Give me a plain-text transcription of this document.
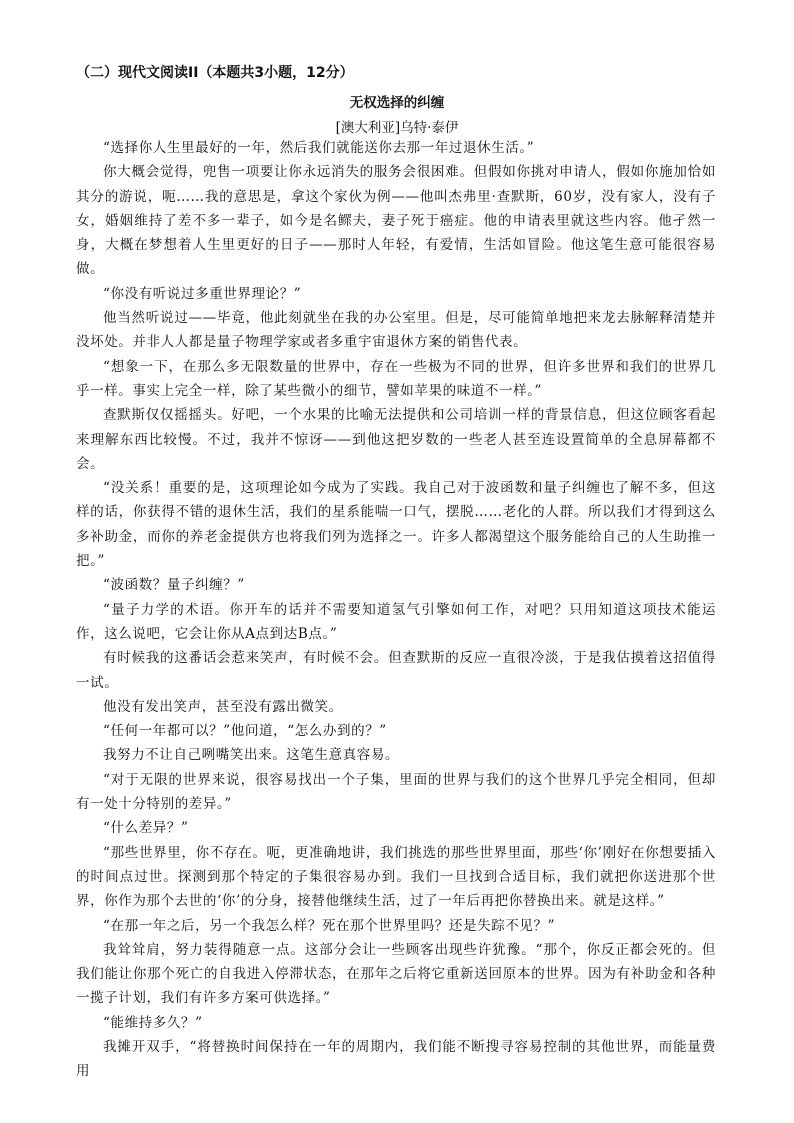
（二）现代文阅读II（本题共3小题，12分）
无权选择的纠缠
[澳大利亚]乌特·泰伊

“选择你人生里最好的一年，然后我们就能送你去那一年过退休生活。”

你大概会觉得，兜售一项要让你永远消失的服务会很困难。但假如你挑对申请人，假如你施加恰如其分的游说，呃……我的意思是，拿这个家伙为例——他叫杰弗里·查默斯，60岁，没有家人，没有子女，婚姻维持了差不多一辈子，如今是名鳏夫，妻子死于癌症。他的申请表里就这些内容。他孑然一身，大概在梦想着人生里更好的日子——那时人年轻，有爱情，生活如冒险。他这笔生意可能很容易做。

“你没有听说过多重世界理论？”

他当然听说过——毕竟，他此刻就坐在我的办公室里。但是，尽可能简单地把来龙去脉解释清楚并没坏处。并非人人都是量子物理学家或者多重宇宙退休方案的销售代表。

“想象一下，在那么多无限数量的世界中，存在一些极为不同的世界，但许多世界和我们的世界几乎一样。事实上完全一样，除了某些微小的细节，譬如苹果的味道不一样。”

查默斯仅仅摇摇头。好吧，一个水果的比喻无法提供和公司培训一样的背景信息，但这位顾客看起来理解东西比较慢。不过，我并不惊讶——到他这把岁数的一些老人甚至连设置简单的全息屏幕都不会。

“没关系！重要的是，这项理论如今成为了实践。我自己对于波函数和量子纠缠也了解不多，但这样的话，你获得不错的退休生活，我们的星系能喘一口气，摆脱……老化的人群。所以我们才得到这么多补助金，而你的养老金提供方也将我们列为选择之一。许多人都渴望这个服务能给自己的人生助推一把。”

“波函数？量子纠缠？”

“量子力学的术语。你开车的话并不需要知道氢气引擎如何工作，对吧？只用知道这项技术能运作，这么说吧，它会让你从A点到达B点。”

有时候我的这番话会惹来笑声，有时候不会。但查默斯的反应一直很冷淡，于是我估摸着这招值得一试。

他没有发出笑声，甚至没有露出微笑。

“任何一年都可以？”他问道，“怎么办到的？”

我努力不让自己咧嘴笑出来。这笔生意真容易。

“对于无限的世界来说，很容易找出一个子集，里面的世界与我们的这个世界几乎完全相同，但却有一处十分特别的差异。”

“什么差异？”

“那些世界里，你不存在。呃，更准确地讲，我们挑选的那些世界里面，那些‘你’刚好在你想要插入的时间点过世。探测到那个特定的子集很容易办到。我们一旦找到合适目标，我们就把你送进那个世界，你作为那个去世的‘你’的分身，接替他继续生活，过了一年后再把你替换出来。就是这样。”

“在那一年之后，另一个我怎么样？死在那个世界里吗？还是失踪不见？”

我耸耸肩，努力装得随意一点。这部分会让一些顾客出现些许犹豫。“那个，你反正都会死的。但我们能让你那个死亡的自我进入停滞状态，在那年之后将它重新送回原本的世界。因为有补助金和各种一揽子计划，我们有许多方案可供选择。”

“能维持多久？”

我摊开双手，“将替换时间保持在一年的周期内，我们能不断搜寻容易控制的其他世界，而能量费用
